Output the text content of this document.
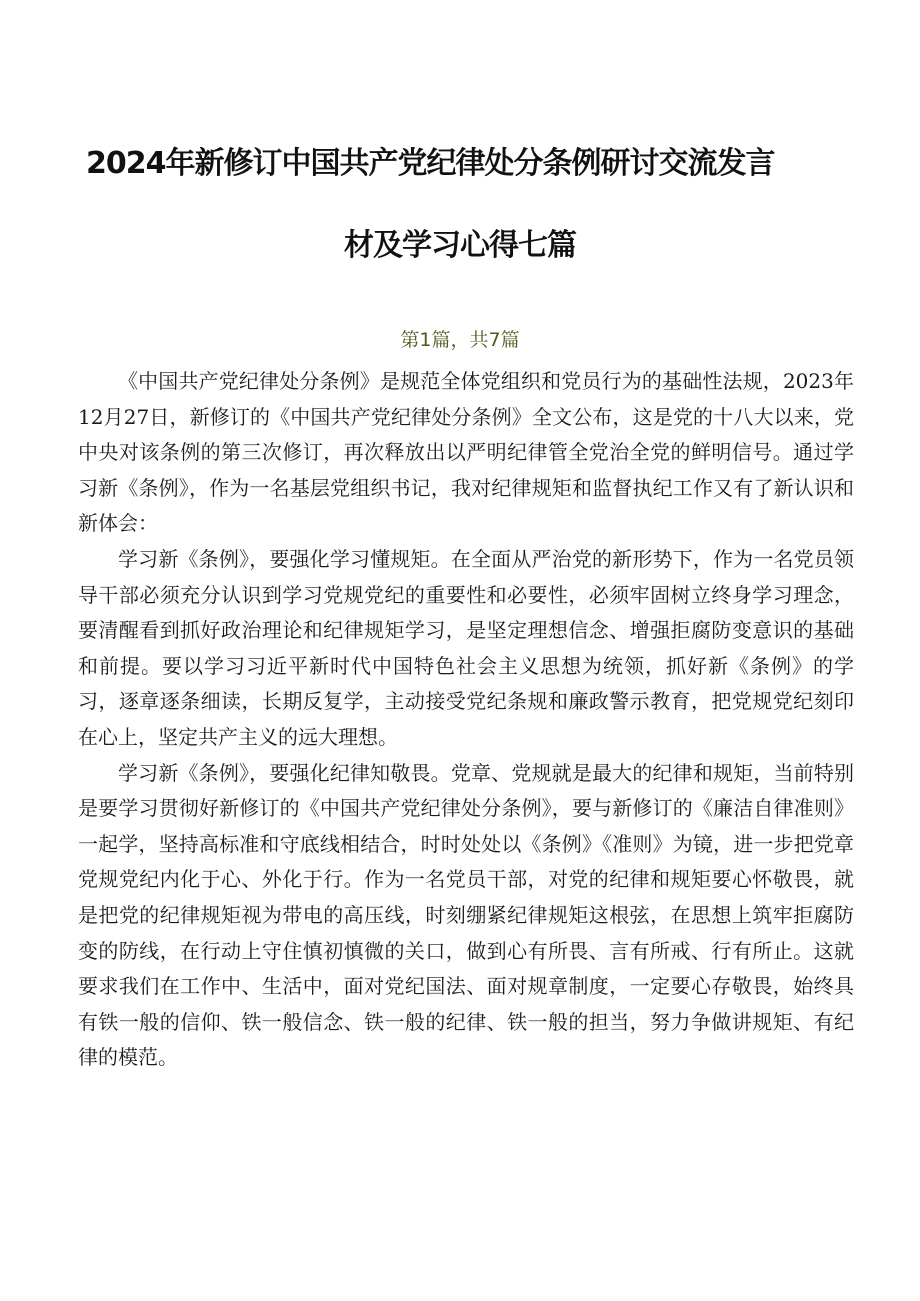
2024年新修订中国共产党纪律处分条例研讨交流发言
材及学习心得七篇
第1篇，共7篇

《中国共产党纪律处分条例》是规范全体党组织和党员行为的基础性法规，2023年12月27日，新修订的《中国共产党纪律处分条例》全文公布，这是党的十八大以来，党中央对该条例的第三次修订，再次释放出以严明纪律管全党治全党的鲜明信号。通过学习新《条例》，作为一名基层党组织书记，我对纪律规矩和监督执纪工作又有了新认识和新体会：

学习新《条例》，要强化学习懂规矩。在全面从严治党的新形势下，作为一名党员领导干部必须充分认识到学习党规党纪的重要性和必要性，必须牢固树立终身学习理念，要清醒看到抓好政治理论和纪律规矩学习，是坚定理想信念、增强拒腐防变意识的基础和前提。要以学习习近平新时代中国特色社会主义思想为统领，抓好新《条例》的学习，逐章逐条细读，长期反复学，主动接受党纪条规和廉政警示教育，把党规党纪刻印在心上，坚定共产主义的远大理想。

学习新《条例》，要强化纪律知敬畏。党章、党规就是最大的纪律和规矩，当前特别是要学习贯彻好新修订的《中国共产党纪律处分条例》，要与新修订的《廉洁自律准则》一起学，坚持高标准和守底线相结合，时时处处以《条例》《准则》为镜，进一步把党章党规党纪内化于心、外化于行。作为一名党员干部，对党的纪律和规矩要心怀敬畏，就是把党的纪律规矩视为带电的高压线，时刻绷紧纪律规矩这根弦，在思想上筑牢拒腐防变的防线，在行动上守住慎初慎微的关口，做到心有所畏、言有所戒、行有所止。这就要求我们在工作中、生活中，面对党纪国法、面对规章制度，一定要心存敬畏，始终具有铁一般的信仰、铁一般信念、铁一般的纪律、铁一般的担当，努力争做讲规矩、有纪律的模范。
